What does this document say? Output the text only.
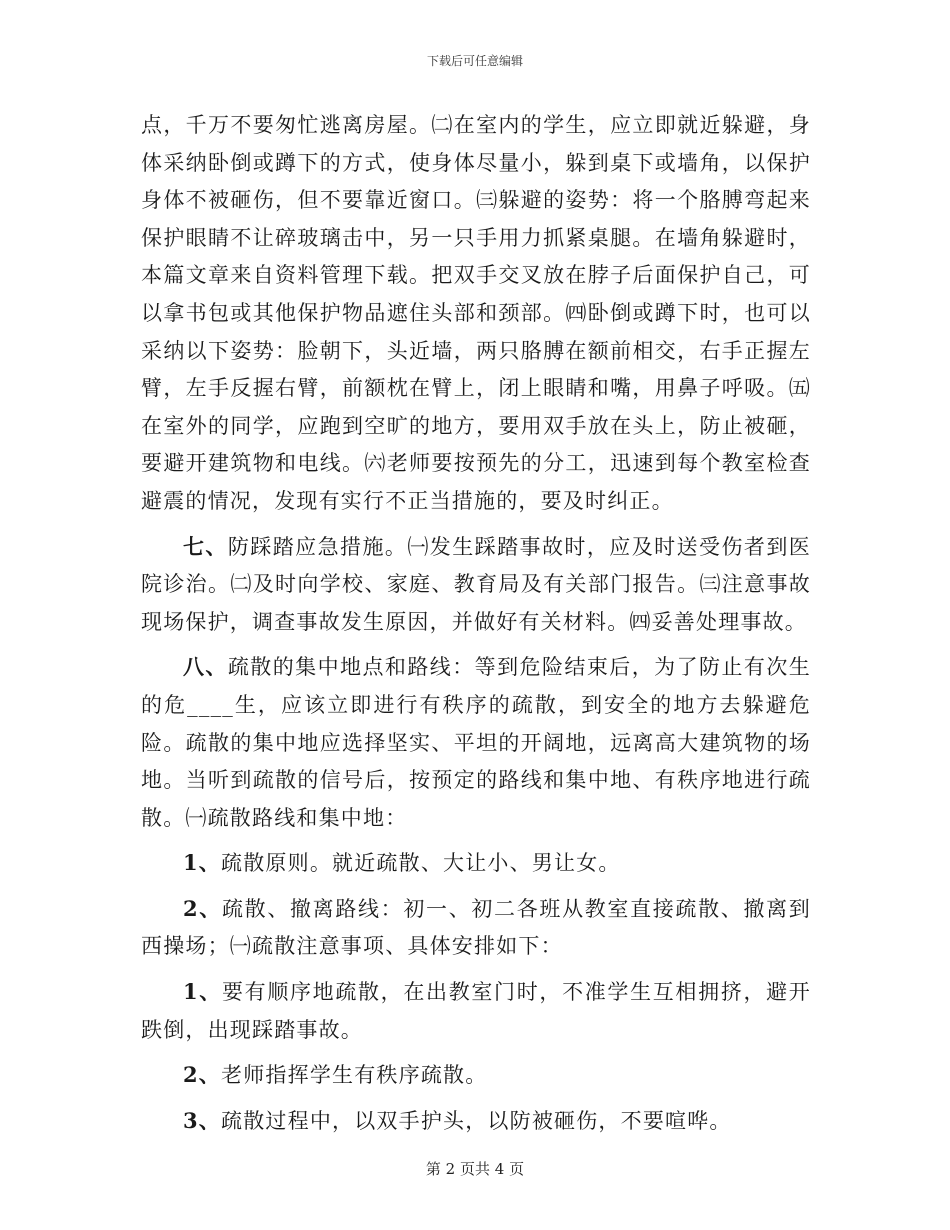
下载后可任意编辑

点，千万不要匆忙逃离房屋。㈡在室内的学生，应立即就近躲避，身体采纳卧倒或蹲下的方式，使身体尽量小，躲到桌下或墙角，以保护身体不被砸伤，但不要靠近窗口。㈢躲避的姿势：将一个胳膊弯起来保护眼睛不让碎玻璃击中，另一只手用力抓紧桌腿。在墙角躲避时，本篇文章来自资料管理下载。把双手交叉放在脖子后面保护自己，可以拿书包或其他保护物品遮住头部和颈部。㈣卧倒或蹲下时，也可以采纳以下姿势：脸朝下，头近墙，两只胳膊在额前相交，右手正握左臂，左手反握右臂，前额枕在臂上，闭上眼睛和嘴，用鼻子呼吸。㈤在室外的同学，应跑到空旷的地方，要用双手放在头上，防止被砸，要避开建筑物和电线。㈥老师要按预先的分工，迅速到每个教室检查避震的情况，发现有实行不正当措施的，要及时纠正。

七、防踩踏应急措施。㈠发生踩踏事故时，应及时送受伤者到医院诊治。㈡及时向学校、家庭、教育局及有关部门报告。㈢注意事故现场保护，调查事故发生原因，并做好有关材料。㈣妥善处理事故。

八、疏散的集中地点和路线：等到危险结束后，为了防止有次生的危____生，应该立即进行有秩序的疏散，到安全的地方去躲避危险。疏散的集中地应选择坚实、平坦的开阔地，远离高大建筑物的场地。当听到疏散的信号后，按预定的路线和集中地、有秩序地进行疏散。㈠疏散路线和集中地：

1、疏散原则。就近疏散、大让小、男让女。

2、疏散、撤离路线：初一、初二各班从教室直接疏散、撤离到西操场；㈠疏散注意事项、具体安排如下：

1、要有顺序地疏散，在出教室门时，不准学生互相拥挤，避开跌倒，出现踩踏事故。

2、老师指挥学生有秩序疏散。

3、疏散过程中，以双手护头，以防被砸伤，不要喧哗。

第 2 页共 4 页
